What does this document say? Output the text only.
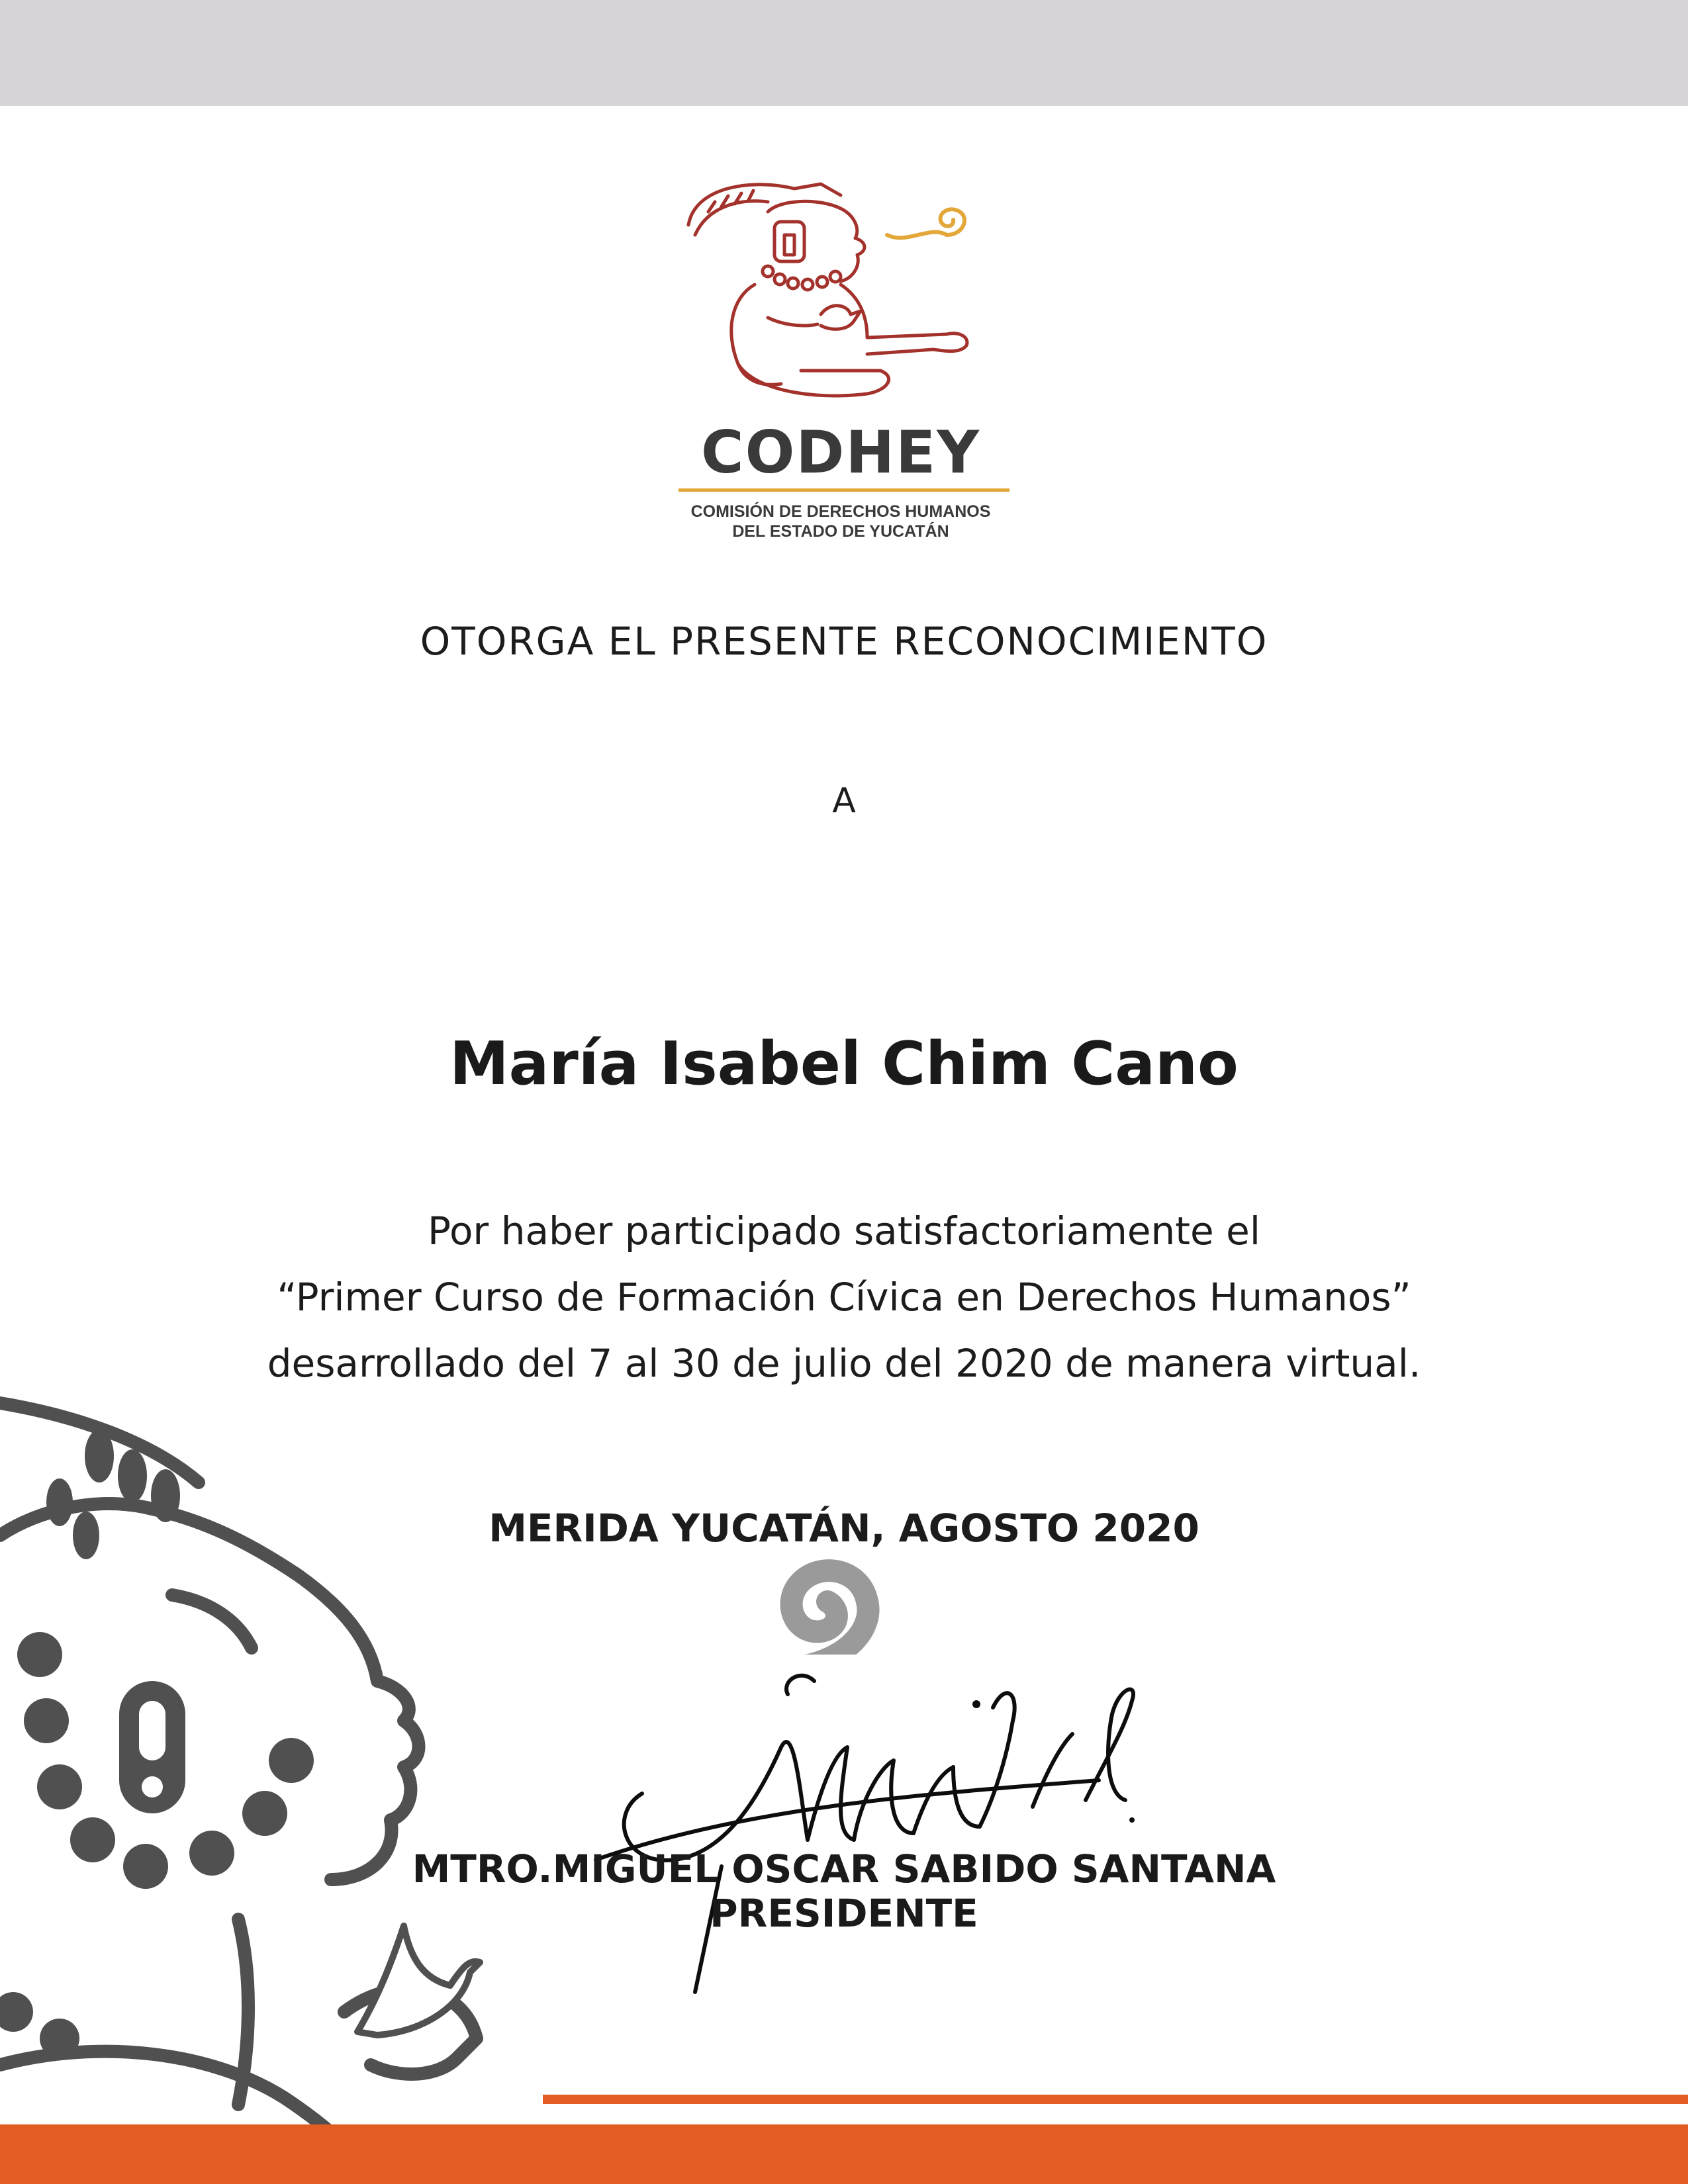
CODHEY
COMISIÓN DE DERECHOS HUMANOS
DEL ESTADO DE YUCATÁN

OTORGA EL PRESENTE RECONOCIMIENTO

A

María Isabel Chim Cano

Por haber participado satisfactoriamente el
“Primer Curso de Formación Cívica en Derechos Humanos”
desarrollado del 7 al 30 de julio del 2020 de manera virtual.

MERIDA YUCATÁN, AGOSTO 2020

MTRO.MIGUEL OSCAR SABIDO SANTANA
PRESIDENTE
